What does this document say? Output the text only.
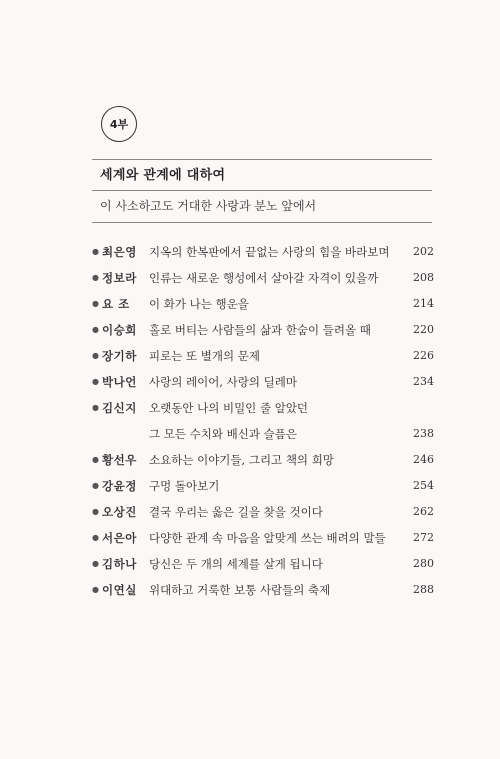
4부
세계와 관계에 대하여
이 사소하고도 거대한 사랑과 분노 앞에서
● 최은영 지옥의 한복판에서 끝없는 사랑의 힘을 바라보며 202
● 정보라 인류는 새로운 행성에서 살아갈 자격이 있을까	208
● 요 조 이 화가 나는 행운을	214
● 이승희 홀로 버티는 사람들의 삶과 한숨이 들려올 때	220
● 장기하 피로는 또 별개의 문제	226
● 박나언 사랑의 레이어, 사랑의 딜레마	234
● 김신지 오랫동안 나의 비밀인 줄 알았던
그 모든 수치와 배신과 슬픔은	238
● 황선우 소요하는 이야기들, 그리고 책의 희망	246
● 강윤정 구멍 돌아보기	254
● 오상진 결국 우리는 옳은 길을 찾을 것이다	262
● 서은아 다양한 관계 속 마음을 알맞게 쓰는 배려의 말들 272
● 김하나 당신은 두 개의 세계를 살게 됩니다	280
● 이연실 위대하고 거룩한 보통 사람들의 축제	288
